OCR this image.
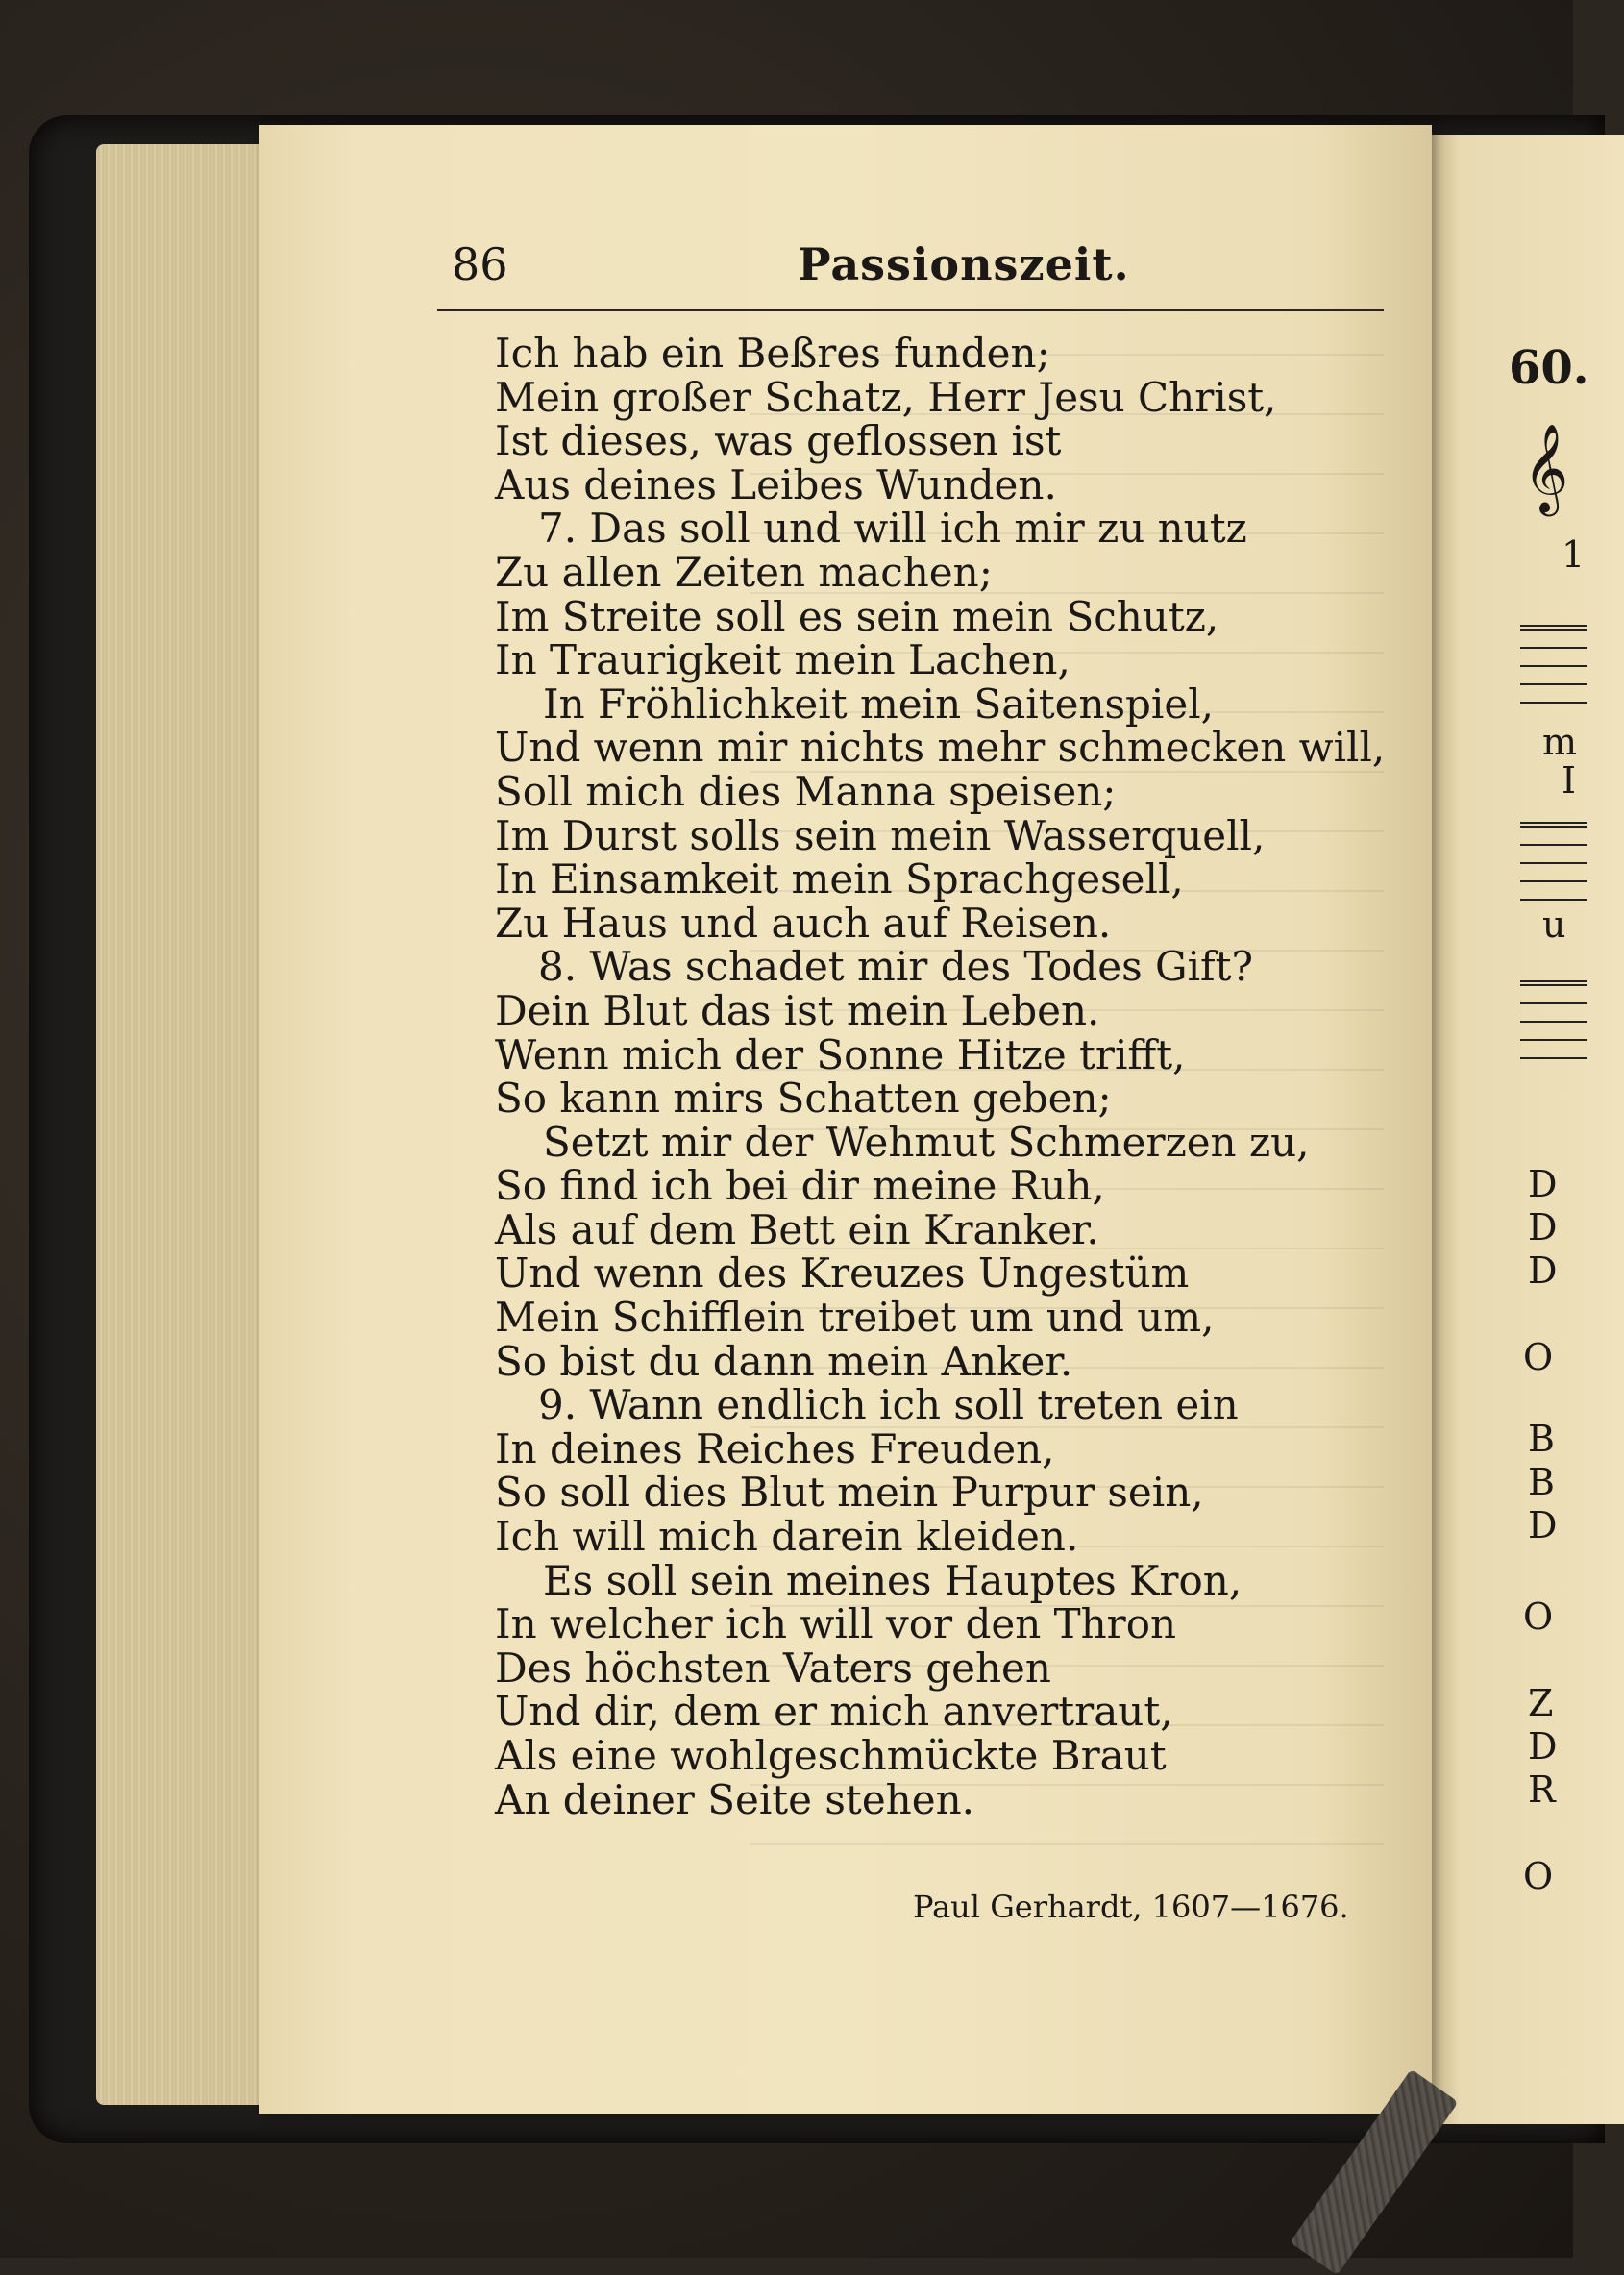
86	Passionszeit.
Ich hab ein Beßres funden;
Mein großer Schatz, Herr Jesu Christ,
Ist dieses, was geflossen ist
Aus deines Leibes Wunden.
7. Das soll und will ich mir zu nutz
Zu allen Zeiten machen;
Im Streite soll es sein mein Schutz,
In Traurigkeit mein Lachen,
In Fröhlichkeit mein Saitenspiel,
Und wenn mir nichts mehr schmecken will,
Soll mich dies Manna speisen;
Im Durst solls sein mein Wasserquell,
In Einsamkeit mein Sprachgesell,
Zu Haus und auch auf Reisen.
8. Was schadet mir des Todes Gift?
Dein Blut das ist mein Leben.
Wenn mich der Sonne Hitze trifft,
So kann mirs Schatten geben;
Setzt mir der Wehmut Schmerzen zu,
So find ich bei dir meine Ruh,
Als auf dem Bett ein Kranker.
Und wenn des Kreuzes Ungestüm
Mein Schifflein treibet um und um,
So bist du dann mein Anker.
9. Wann endlich ich soll treten ein
In deines Reiches Freuden,
So soll dies Blut mein Purpur sein,
Ich will mich darein kleiden.
Es soll sein meines Hauptes Kron,
In welcher ich will vor den Thron
Des höchsten Vaters gehen
Und dir, dem er mich anvertraut,
Als eine wohlgeschmückte Braut
An deiner Seite stehen.
Paul Gerhardt, 1607—1676.
60.
𝄞
1
m
I
u
D
D
D
O
B
B
D
O
Z
D
R
O
